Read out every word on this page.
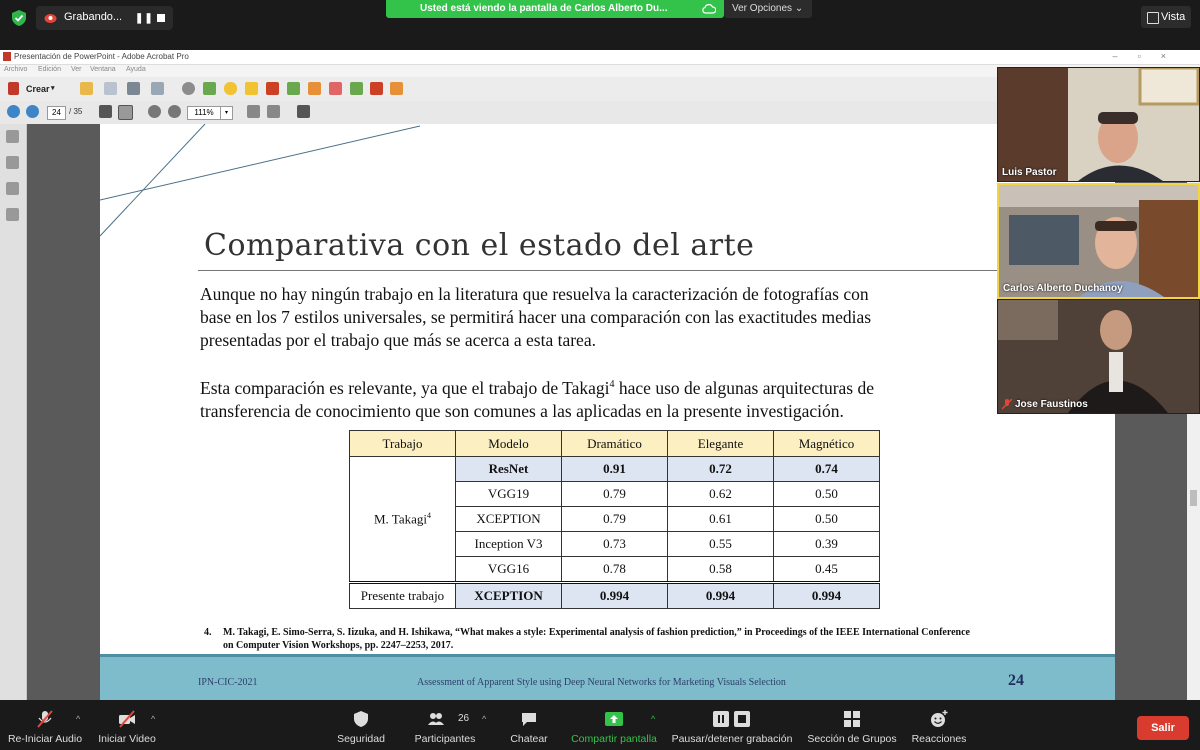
Grabando... ❚❚
Usted está viendo la pantalla de Carlos Alberto Du...	Ver Opciones ⌄
Vista
Presentación de PowerPoint - Adobe Acrobat Pro	–▫×
Archivo Edición Ver Ventana Ayuda
Crear ▾
24	/ 35	111%	▾
Comparativa con el estado del arte
Aunque no hay ningún trabajo en la literatura que resuelva la caracterización de fotografías con
base en los 7 estilos universales, se permitirá hacer una comparación con las exactitudes medias
presentadas por el trabajo que más se acerca a esta tarea.
Esta comparación es relevante, ya que el trabajo de Takagi$^4$ hace uso de algunas arquitecturas de
transferencia de conocimiento que son comunes a las aplicadas en la presente investigación.
Trabajo	Modelo	Dramático	Elegante	Magnético
M. Takagi$^4$	ResNet	0.91	0.72	0.74
	VGG19	0.79	0.62	0.50
	XCEPTION	0.79	0.61	0.50
	Inception V3	0.73	0.55	0.39
	VGG16	0.78	0.58	0.45
Presente trabajo	XCEPTION	0.994	0.994	0.994
4. M. Takagi, E. Simo-Serra, S. Iizuka, and H. Ishikawa, “What makes a style: Experimental analysis of fashion prediction,” in Proceedings of the IEEE International Conference on Computer Vision Workshops, pp. 2247–2253, 2017.
IPN-CIC-2021	Assessment of Apparent Style using Deep Neural Networks for Marketing Visuals Selection	24
Luis Pastor
Carlos Alberto Duchanoy
Jose Faustinos
Re-Iniciar Audio
^
Iniciar Video
^
Seguridad
26
Participantes
^
Chatear	Compartir pantalla
^
Pausar/detener grabación	Sección de Grupos	Reacciones
Salir
